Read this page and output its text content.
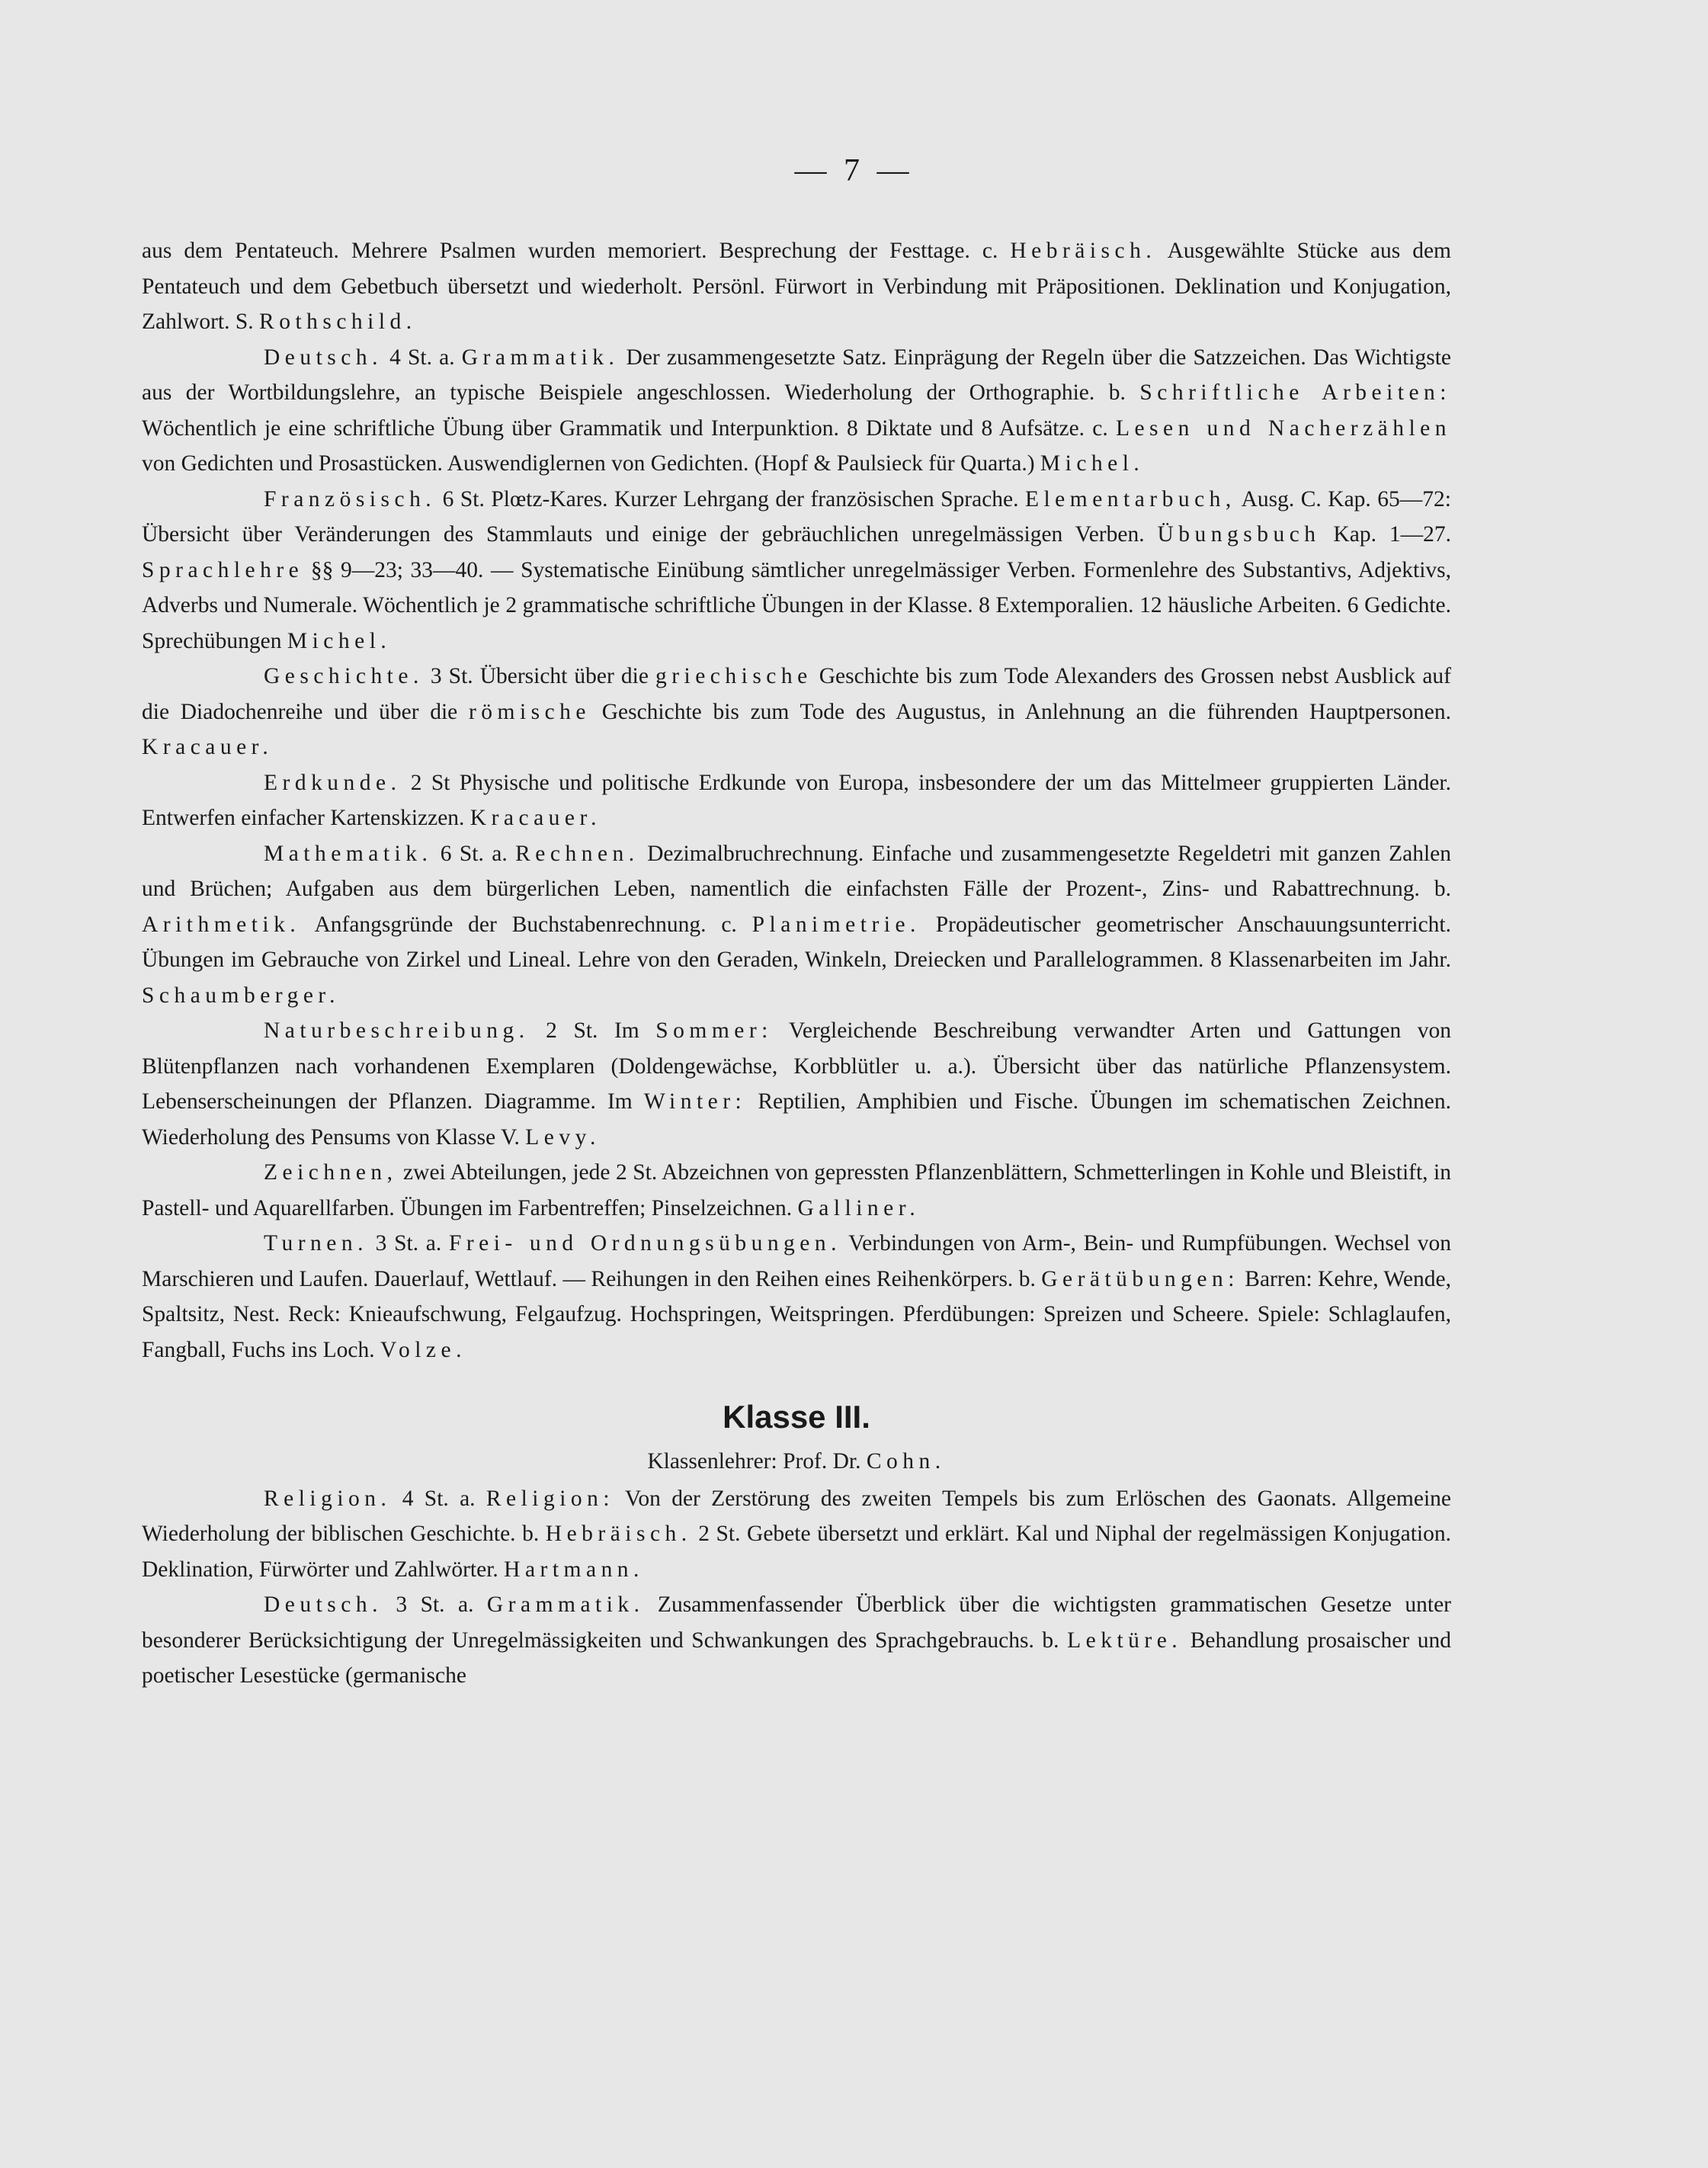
— 7 —

aus dem Pentateuch. Mehrere Psalmen wurden memoriert. Besprechung der Festtage. c. Hebräisch. Ausgewählte Stücke aus dem Pentateuch und dem Gebetbuch übersetzt und wiederholt. Persönl. Fürwort in Verbindung mit Präpositionen. Deklination und Konjugation, Zahlwort. S. Rothschild.

Deutsch. 4 St. a. Grammatik. Der zusammengesetzte Satz. Einprägung der Regeln über die Satzzeichen. Das Wichtigste aus der Wortbildungslehre, an typische Beispiele angeschlossen. Wiederholung der Orthographie. b. Schriftliche Arbeiten: Wöchentlich je eine schriftliche Übung über Grammatik und Interpunktion. 8 Diktate und 8 Aufsätze. c. Lesen und Nacherzählen von Gedichten und Prosastücken. Auswendiglernen von Gedichten. (Hopf & Paulsieck für Quarta.) Michel.

Französisch. 6 St. Plœtz-Kares. Kurzer Lehrgang der französischen Sprache. Elementarbuch, Ausg. C. Kap. 65—72: Übersicht über Veränderungen des Stammlauts und einige der gebräuchlichen unregelmässigen Verben. Übungsbuch Kap. 1—27. Sprachlehre §§ 9—23; 33—40. — Systematische Einübung sämtlicher unregelmässiger Verben. Formenlehre des Substantivs, Adjektivs, Adverbs und Numerale. Wöchentlich je 2 grammatische schriftliche Übungen in der Klasse. 8 Extemporalien. 12 häusliche Arbeiten. 6 Gedichte. Sprechübungen Michel.

Geschichte. 3 St. Übersicht über die griechische Geschichte bis zum Tode Alexanders des Grossen nebst Ausblick auf die Diadochenreihe und über die römische Geschichte bis zum Tode des Augustus, in Anlehnung an die führenden Hauptpersonen. Kracauer.

Erdkunde. 2 St Physische und politische Erdkunde von Europa, insbesondere der um das Mittelmeer gruppierten Länder. Entwerfen einfacher Kartenskizzen. Kracauer.

Mathematik. 6 St. a. Rechnen. Dezimalbruchrechnung. Einfache und zusammengesetzte Regeldetri mit ganzen Zahlen und Brüchen; Aufgaben aus dem bürgerlichen Leben, namentlich die einfachsten Fälle der Prozent-, Zins- und Rabattrechnung. b. Arithmetik. Anfangsgründe der Buchstabenrechnung. c. Planimetrie. Propädeutischer geometrischer Anschauungsunterricht. Übungen im Gebrauche von Zirkel und Lineal. Lehre von den Geraden, Winkeln, Dreiecken und Parallelogrammen. 8 Klassenarbeiten im Jahr. Schaumberger.

Naturbeschreibung. 2 St. Im Sommer: Vergleichende Beschreibung verwandter Arten und Gattungen von Blütenpflanzen nach vorhandenen Exemplaren (Doldengewächse, Korbblütler u. a.). Übersicht über das natürliche Pflanzensystem. Lebenserscheinungen der Pflanzen. Diagramme. Im Winter: Reptilien, Amphibien und Fische. Übungen im schematischen Zeichnen. Wiederholung des Pensums von Klasse V. Levy.

Zeichnen, zwei Abteilungen, jede 2 St. Abzeichnen von gepressten Pflanzenblättern, Schmetterlingen in Kohle und Bleistift, in Pastell- und Aquarellfarben. Übungen im Farbentreffen; Pinselzeichnen. Galliner.

Turnen. 3 St. a. Frei- und Ordnungsübungen. Verbindungen von Arm-, Bein- und Rumpfübungen. Wechsel von Marschieren und Laufen. Dauerlauf, Wettlauf. — Reihungen in den Reihen eines Reihenkörpers. b. Gerätübungen: Barren: Kehre, Wende, Spaltsitz, Nest. Reck: Knieaufschwung, Felgaufzug. Hochspringen, Weitspringen. Pferdübungen: Spreizen und Scheere. Spiele: Schlaglaufen, Fangball, Fuchs ins Loch. Volze.

Klasse III.

Klassenlehrer: Prof. Dr. Cohn.

Religion. 4 St. a. Religion: Von der Zerstörung des zweiten Tempels bis zum Erlöschen des Gaonats. Allgemeine Wiederholung der biblischen Geschichte. b. Hebräisch. 2 St. Gebete übersetzt und erklärt. Kal und Niphal der regelmässigen Konjugation. Deklination, Fürwörter und Zahlwörter. Hartmann.

Deutsch. 3 St. a. Grammatik. Zusammenfassender Überblick über die wichtigsten grammatischen Gesetze unter besonderer Berücksichtigung der Unregelmässigkeiten und Schwankungen des Sprachgebrauchs. b. Lektüre. Behandlung prosaischer und poetischer Lesestücke (germanische
